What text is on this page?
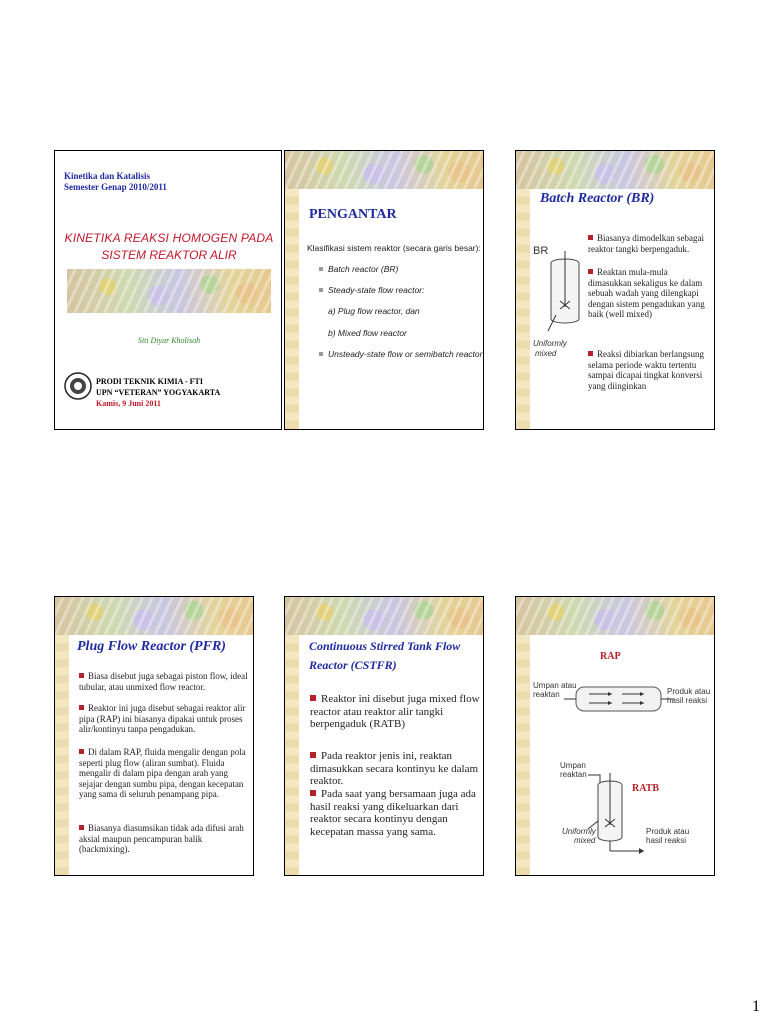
Kinetika dan Katalisis
Semester Genap 2010/2011
KINETIKA REAKSI HOMOGEN PADA
SISTEM REAKTOR ALIR
Siti Diyar Kholisoh
PRODI TEKNIK KIMIA - FTI
UPN “VETERAN” YOGYAKARTA
Kamis, 9 Juni 2011
PENGANTAR
Klasifikasi sistem reaktor (secara garis besar):
Batch reactor (BR)
Steady-state flow reactor:
a) Plug flow reactor, dan
b) Mixed flow reactor
Unsteady-state flow or semibatch reactor
Batch Reactor (BR)
BR
Uniformly
mixed
Biasanya dimodelkan sebagai reaktor tangki berpengaduk.
Reaktan mula-mula dimasukkan sekaligus ke dalam sebuah wadah yang dilengkapi dengan sistem pengadukan yang baik (well mixed)
Reaksi dibiarkan berlangsung selama periode waktu tertentu sampai dicapai tingkat konversi yang diinginkan
Plug Flow Reactor (PFR)
Biasa disebut juga sebagai piston flow, ideal tubular, atau unmixed flow reactor.
Reaktor ini juga disebut sebagai reaktor alir pipa (RAP) ini biasanya dipakai untuk proses alir/kontinyu tanpa pengadukan.
Di dalam RAP, fluida mengalir dengan pola seperti plug flow (aliran sumbat). Fluida mengalir di dalam pipa dengan arah yang sejajar dengan sumbu pipa, dengan kecepatan yang sama di seluruh penampang pipa.
Biasanya diasumsikan tidak ada difusi arah aksial maupun pencampuran balik (backmixing).
Continuous Stirred Tank Flow
Reactor (CSTFR)
Reaktor ini disebut juga mixed flow reactor atau reaktor alir tangki berpengaduk (RATB)
Pada reaktor jenis ini, reaktan dimasukkan secara kontinyu ke dalam reaktor.
Pada saat yang bersamaan juga ada hasil reaksi yang dikeluarkan dari reaktor secara kontinyu dengan kecepatan massa yang sama.
RAP
Umpan atau
reaktan	Produk atau
hasil reaksi
Umpan
reaktan
RATB
Uniformly
mixed
Produk atau
hasil reaksi
1
